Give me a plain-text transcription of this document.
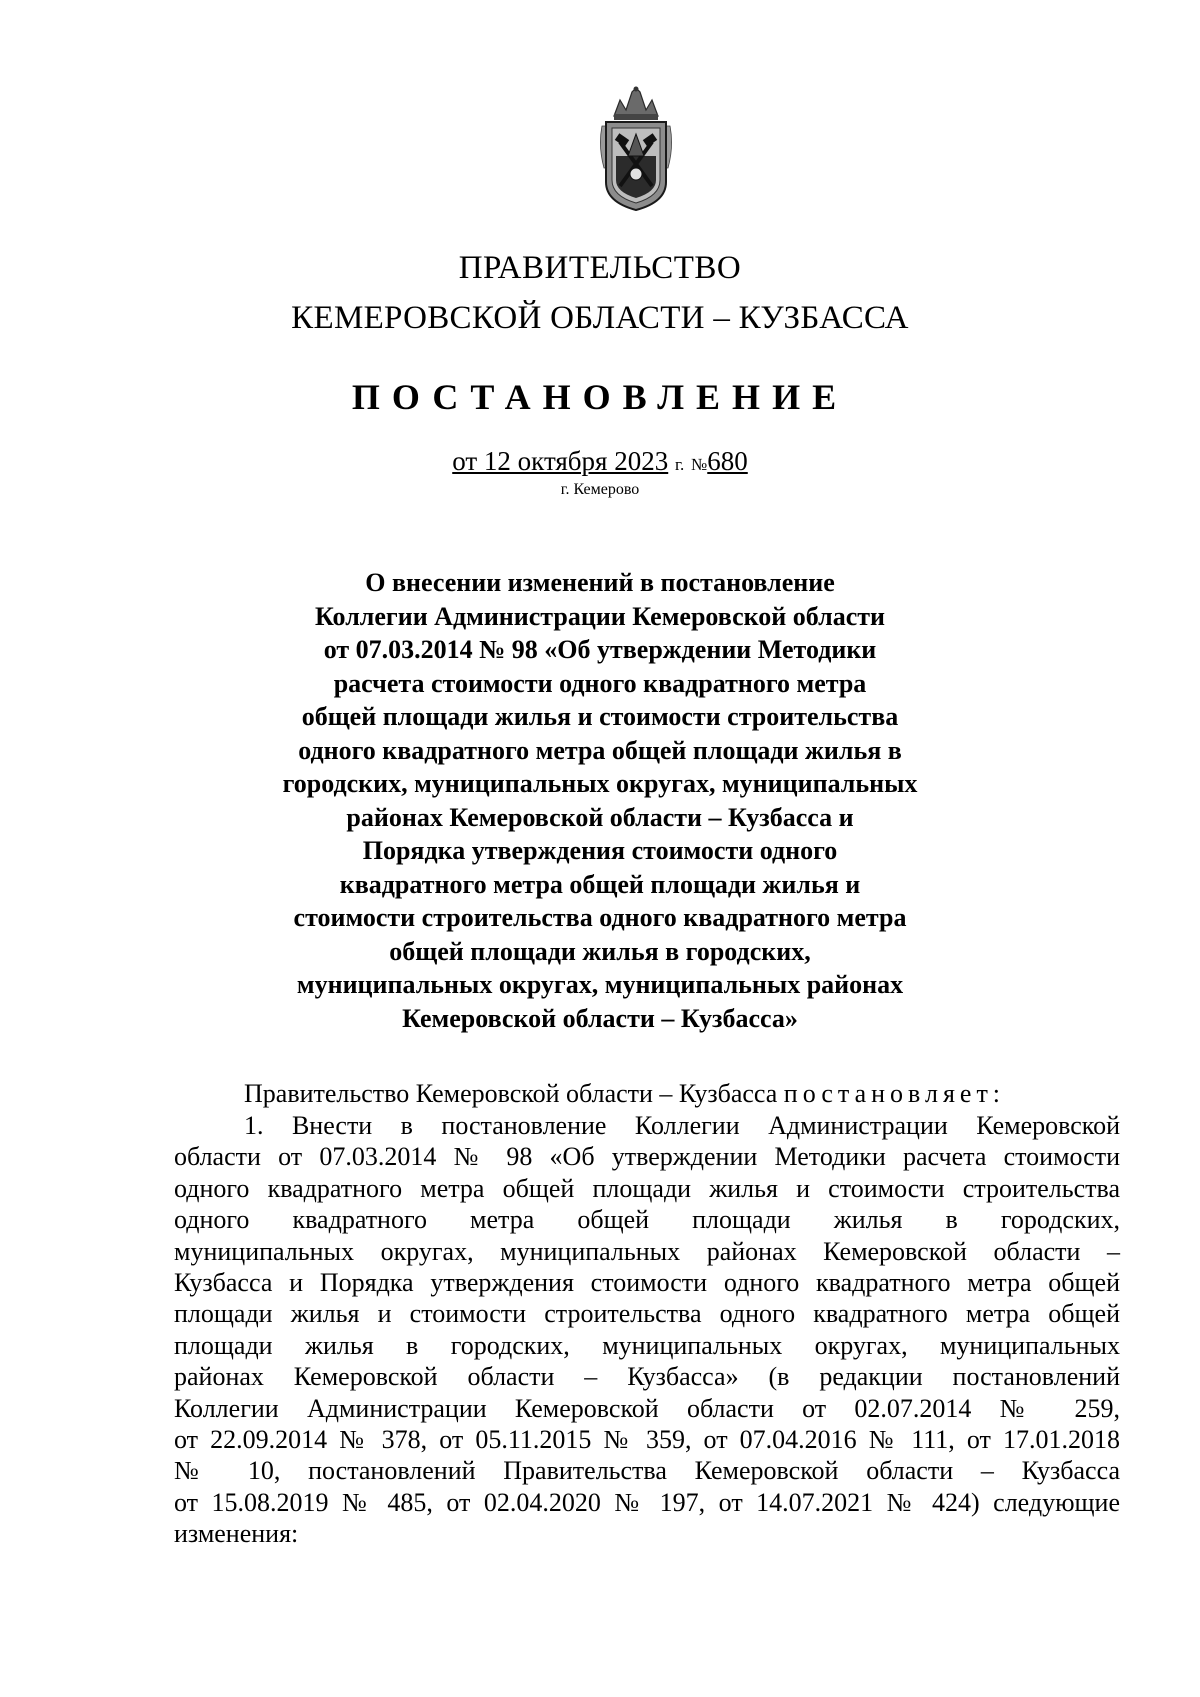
ПРАВИТЕЛЬСТВО
КЕМЕРОВСКОЙ ОБЛАСТИ – КУЗБАССА
ПОСТАНОВЛЕНИЕ
от 12 октября 2023 г. №680
г. Кемерово
О внесении изменений в постановление
Коллегии Администрации Кемеровской области
от 07.03.2014 № 98 «Об утверждении Методики
расчета стоимости одного квадратного метра
общей площади жилья и стоимости строительства
одного квадратного метра общей площади жилья в
городских, муниципальных округах, муниципальных
районах Кемеровской области – Кузбасса и
Порядка утверждения стоимости одного
квадратного метра общей площади жилья и
стоимости строительства одного квадратного метра
общей площади жилья в городских,
муниципальных округах, муниципальных районах
Кемеровской области – Кузбасса»
Правительство Кемеровской области – Кузбасса постановляет:
1. Внести в постановление Коллегии Администрации Кемеровской
области от 07.03.2014 № 98 «Об утверждении Методики расчета стоимости
одного квадратного метра общей площади жилья и стоимости строительства
одного квадратного метра общей площади жилья в городских,
муниципальных округах, муниципальных районах Кемеровской области –
Кузбасса и Порядка утверждения стоимости одного квадратного метра общей
площади жилья и стоимости строительства одного квадратного метра общей
площади жилья в городских, муниципальных округах, муниципальных
районах Кемеровской области – Кузбасса» (в редакции постановлений
Коллегии Администрации Кемеровской области от 02.07.2014 № 259,
от 22.09.2014 № 378, от 05.11.2015 № 359, от 07.04.2016 № 111, от 17.01.2018
№ 10, постановлений Правительства Кемеровской области – Кузбасса
от 15.08.2019 № 485, от 02.04.2020 № 197, от 14.07.2021 № 424) следующие
изменения:
